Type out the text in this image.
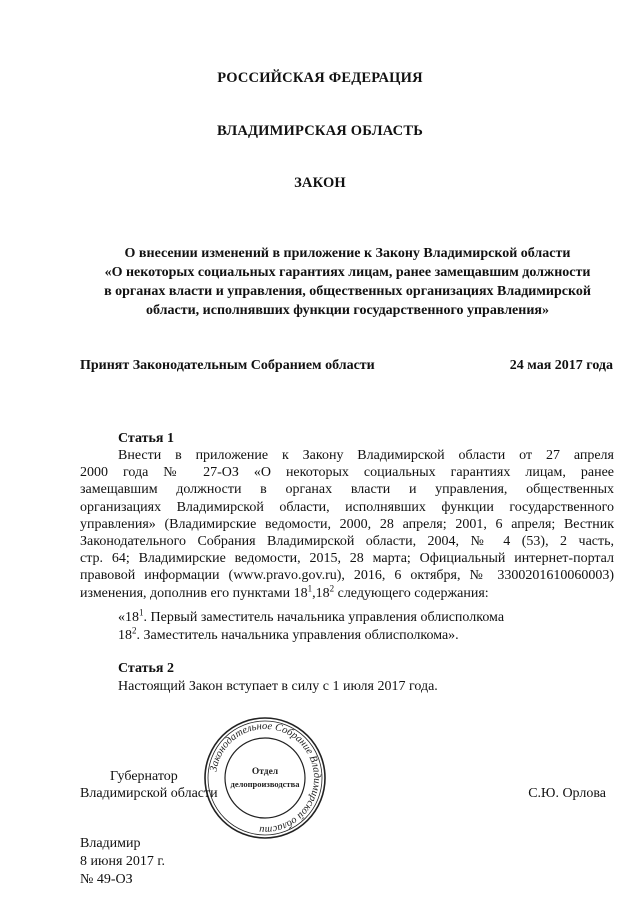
РОССИЙСКАЯ ФЕДЕРАЦИЯ
ВЛАДИМИРСКАЯ ОБЛАСТЬ
ЗАКОН
О внесении изменений в приложение к Закону Владимирской области
«О некоторых социальных гарантиях лицам, ранее замещавшим должности
в органах власти и управления, общественных организациях Владимирской
области, исполнявших функции государственного управления»
Принят Законодательным Собранием области	24 мая 2017 года
Статья 1
Внести в приложение к Закону Владимирской области от 27 апреля
2000 года № 27-ОЗ «О некоторых социальных гарантиях лицам, ранее
замещавшим должности в органах власти и управления, общественных
организациях Владимирской области, исполнявших функции государственного
управления» (Владимирские ведомости, 2000, 28 апреля; 2001, 6 апреля; Вестник
Законодательного Собрания Владимирской области, 2004, № 4 (53), 2 часть,
стр. 64; Владимирские ведомости, 2015, 28 марта; Официальный интернет-портал
правовой информации (www.pravo.gov.ru), 2016, 6 октября, № 3300201610060003)
изменения, дополнив его пунктами $18^1,18^2$ следующего содержания:
«$18^1$. Первый заместитель начальника управления облисполкома
$18^2$. Заместитель начальника управления облисполкома».
Статья 2
Настоящий Закон вступает в силу с 1 июля 2017 года.
Законодательное Собрание Владимирской области
Отдел
делопроизводства
Губернатор
Владимирской области	С.Ю. Орлова
Владимир
8 июня 2017 г.
№ 49-ОЗ
